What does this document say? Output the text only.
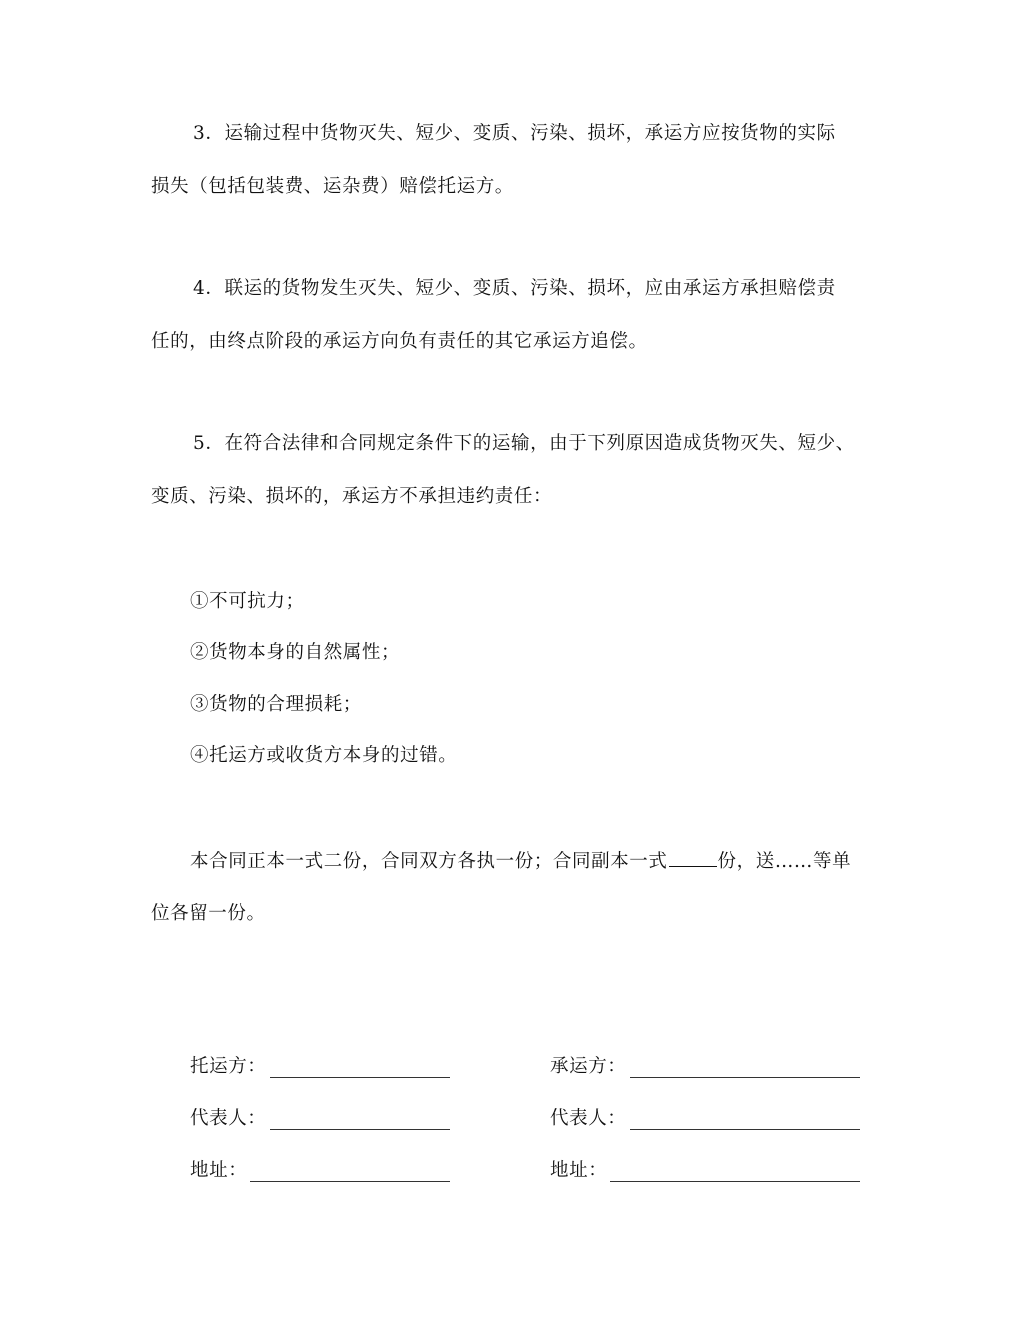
3．运输过程中货物灭失、短少、变质、污染、损坏，承运方应按货物的实际
损失（包括包装费、运杂费）赔偿托运方。
4．联运的货物发生灭失、短少、变质、污染、损坏，应由承运方承担赔偿责
任的，由终点阶段的承运方向负有责任的其它承运方追偿。
5．在符合法律和合同规定条件下的运输，由于下列原因造成货物灭失、短少、
变质、污染、损坏的，承运方不承担违约责任：
①不可抗力；
②货物本身的自然属性；
③货物的合理损耗；
④托运方或收货方本身的过错。
本合同正本一式二份，合同双方各执一份；合同副本一式	份，送……等单
位各留一份。
托运方：	承运方：
代表人：	代表人：
地址：	地址：
